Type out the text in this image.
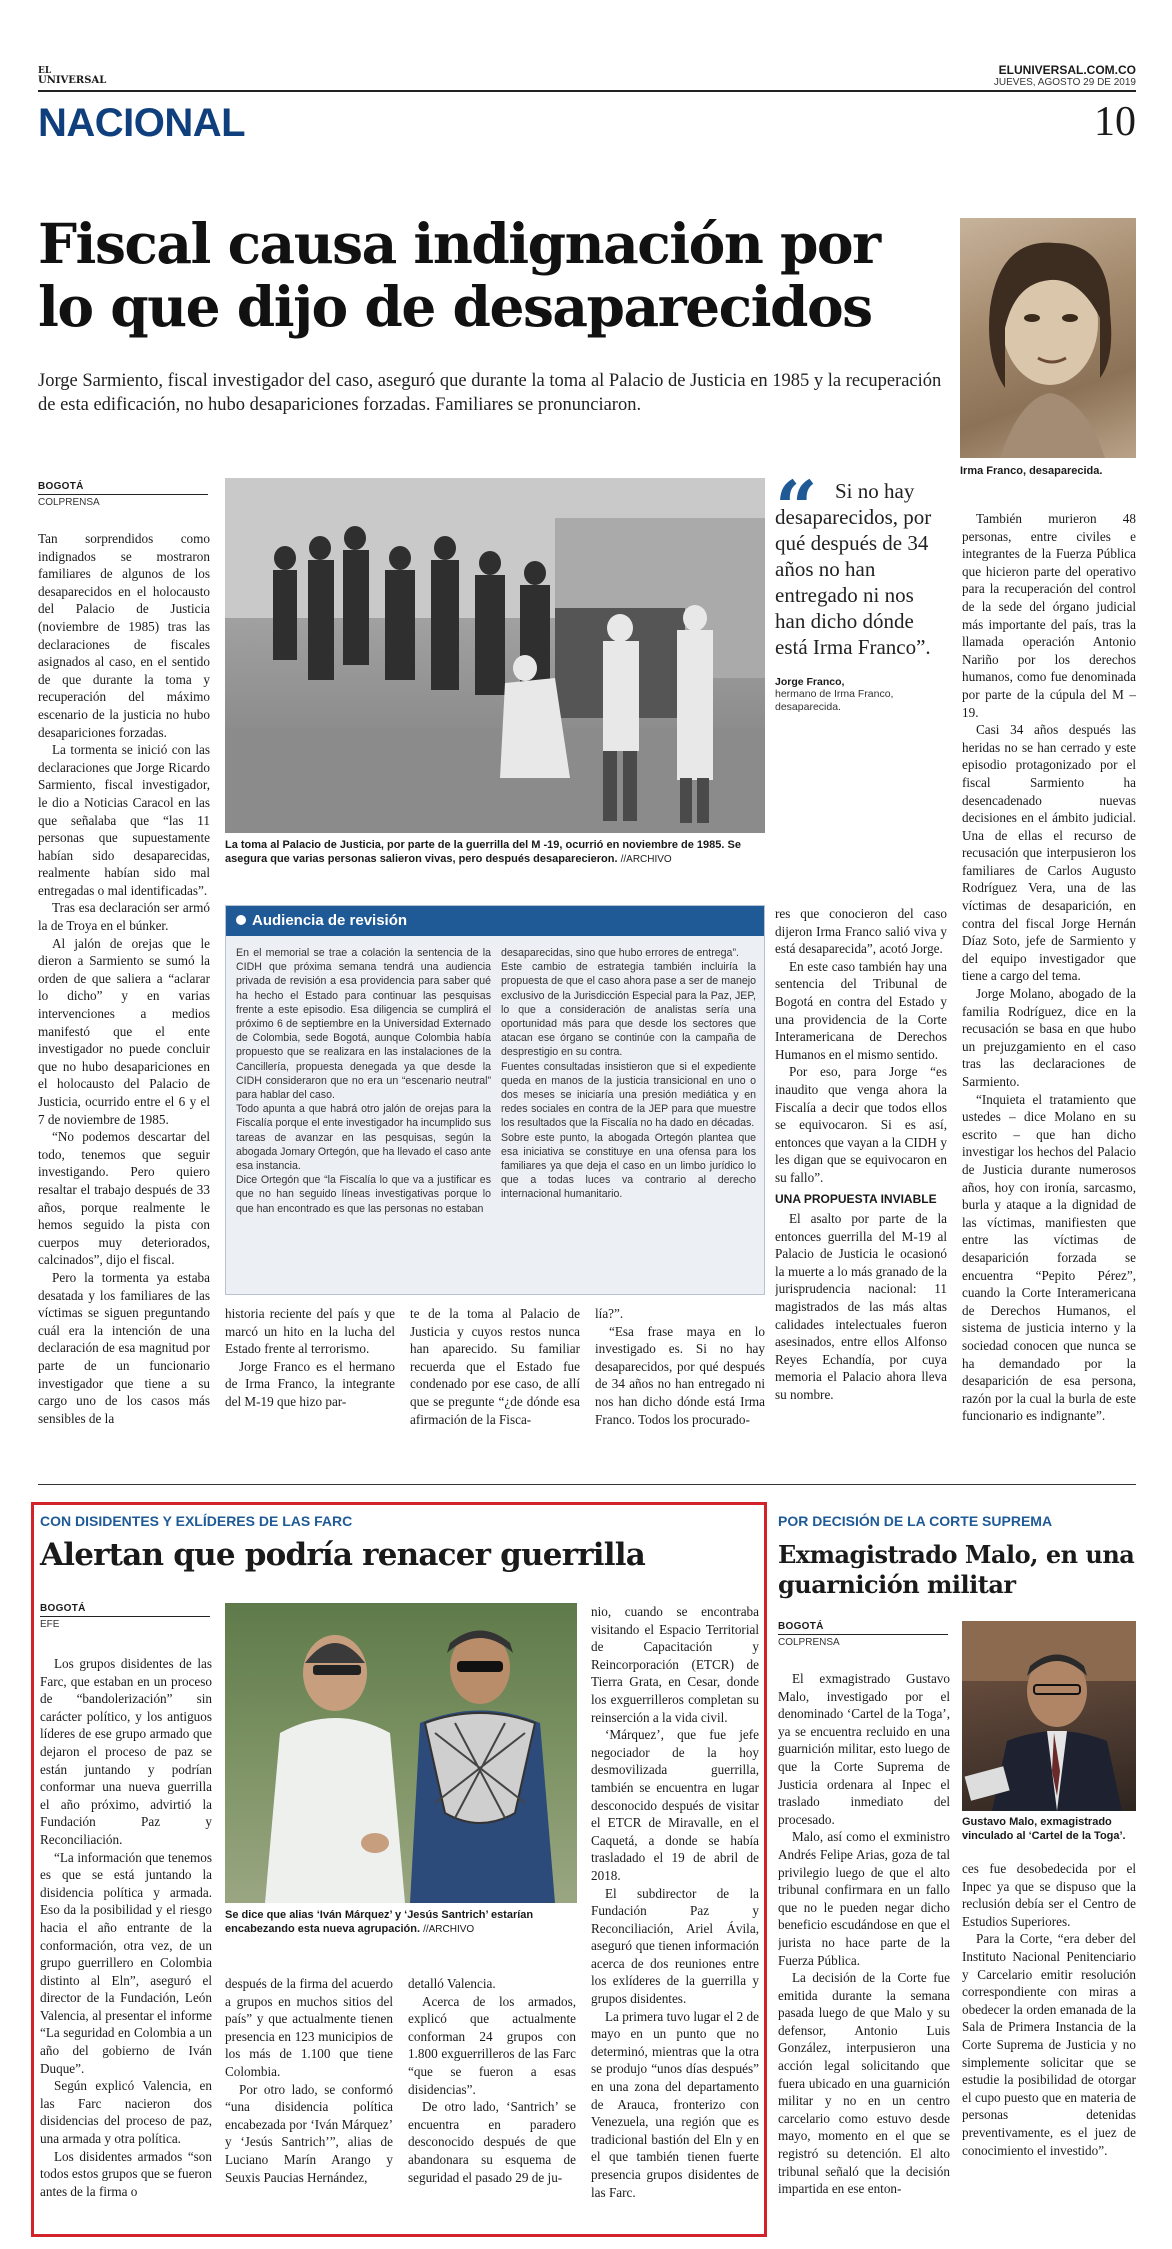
EL
UNIVERSAL
ELUNIVERSAL.COM.CO
JUEVES, AGOSTO 29 DE 2019
NACIONAL	10
Fiscal causa indignación por lo que dijo de desaparecidos
Jorge Sarmiento, fiscal investigador del caso, aseguró que durante la toma al Palacio de Justicia en 1985 y la recuperación de esta edificación, no hubo desapariciones forzadas. Familiares se pronunciaron.
Irma Franco, desaparecida.
BOGOTÁ
COLPRENSA

Tan sorprendidos como indignados se mostraron familiares de algunos de los desaparecidos en el holocausto del Palacio de Justicia (noviembre de 1985) tras las declaraciones de fiscales asignados al caso, en el sentido de que durante la toma y recuperación del máximo escenario de la justicia no hubo desapariciones forzadas.

La tormenta se inició con las declaraciones que Jorge Ricardo Sarmiento, fiscal investigador, le dio a Noticias Caracol en las que señalaba que “las 11 personas que supuestamente habían sido desaparecidas, realmente habían sido mal entregadas o mal identificadas”.

Tras esa declaración ser armó la de Troya en el búnker.

Al jalón de orejas que le dieron a Sarmiento se sumó la orden de que saliera a “aclarar lo dicho” y en varias intervenciones a medios manifestó que el ente investigador no puede concluir que no hubo desapariciones en el holocausto del Palacio de Justicia, ocurrido entre el 6 y el 7 de noviembre de 1985.

“No podemos descartar del todo, tenemos que seguir investigando. Pero quiero resaltar el trabajo después de 33 años, porque realmente le hemos seguido la pista con cuerpos muy deteriorados, calcinados”, dijo el fiscal.

Pero la tormenta ya estaba desatada y los familiares de las víctimas se siguen preguntando cuál era la intención de una declaración de esa magnitud por parte de un funcionario investigador que tiene a su cargo uno de los casos más sensibles de la

La toma al Palacio de Justicia, por parte de la guerrilla del M -19, ocurrió en noviembre de 1985. Se asegura que varias personas salieron vivas, pero después desaparecieron. //ARCHIVO
Audiencia de revisión

En el memorial se trae a colación la sentencia de la CIDH que próxima semana tendrá una audiencia privada de revisión a esa providencia para saber qué ha hecho el Estado para continuar las pesquisas frente a este episodio. Esa diligencia se cumplirá el próximo 6 de septiembre en la Universidad Externado de Colombia, sede Bogotá, aunque Colombia había propuesto que se realizara en las instalaciones de la Cancillería, propuesta denegada ya que desde la CIDH consideraron que no era un “escenario neutral” para hablar del caso.

Todo apunta a que habrá otro jalón de orejas para la Fiscalía porque el ente investigador ha incumplido sus tareas de avanzar en las pesquisas, según la abogada Jomary Ortegón, que ha llevado el caso ante esa instancia.

Dice Ortegón que “la Fiscalía lo que va a justificar es que no han seguido líneas investigativas porque lo que han encontrado es que las personas no estaban

desaparecidas, sino que hubo errores de entrega”.

Este cambio de estrategia también incluiría la propuesta de que el caso ahora pase a ser de manejo exclusivo de la Jurisdicción Especial para la Paz, JEP, lo que a consideración de analistas sería una oportunidad más para que desde los sectores que atacan ese órgano se continúe con la campaña de desprestigio en su contra.

Fuentes consultadas insistieron que si el expediente queda en manos de la justicia transicional en uno o dos meses se iniciaría una presión mediática y en redes sociales en contra de la JEP para que muestre los resultados que la Fiscalía no ha dado en décadas.

Sobre este punto, la abogada Ortegón plantea que esa iniciativa se constituye en una ofensa para los familiares ya que deja el caso en un limbo jurídico lo que a todas luces va contrario al derecho internacional humanitario.

historia reciente del país y que marcó un hito en la lucha del Estado frente al terrorismo.

Jorge Franco es el hermano de Irma Franco, la integrante del M-19 que hizo par-

te de la toma al Palacio de Justicia y cuyos restos nunca han aparecido. Su familiar recuerda que el Estado fue condenado por ese caso, de allí que se pregunte “¿de dónde esa afirmación de la Fisca-

lía?”.

“Esa frase maya en lo investigado es. Si no hay desaparecidos, por qué después de 34 años no han entregado ni nos han dicho dónde está Irma Franco. Todos los procurado-

“ Si no hay desaparecidos, por qué después de 34 años no han entregado ni nos han dicho dónde está Irma Franco”.
Jorge Franco,
hermano de Irma Franco, desaparecida.

res que conocieron del caso dijeron Irma Franco salió viva y está desaparecida”, acotó Jorge.

En este caso también hay una sentencia del Tribunal de Bogotá en contra del Estado y una providencia de la Corte Interamericana de Derechos Humanos en el mismo sentido.

Por eso, para Jorge “es inaudito que venga ahora la Fiscalía a decir que todos ellos se equivocaron. Si es así, entonces que vayan a la CIDH y les digan que se equivocaron en su fallo”.

UNA PROPUESTA INVIABLE

El asalto por parte de la entonces guerrilla del M-19 al Palacio de Justicia le ocasionó la muerte a lo más granado de la jurisprudencia nacional: 11 magistrados de las más altas calidades intelectuales fueron asesinados, entre ellos Alfonso Reyes Echandía, por cuya memoria el Palacio ahora lleva su nombre.

También murieron 48 personas, entre civiles e integrantes de la Fuerza Pública que hicieron parte del operativo para la recuperación del control de la sede del órgano judicial más importante del país, tras la llamada operación Antonio Nariño por los derechos humanos, como fue denominada por parte de la cúpula del M – 19.

Casi 34 años después las heridas no se han cerrado y este episodio protagonizado por el fiscal Sarmiento ha desencadenado nuevas decisiones en el ámbito judicial. Una de ellas el recurso de recusación que interpusieron los familiares de Carlos Augusto Rodríguez Vera, una de las víctimas de desaparición, en contra del fiscal Jorge Hernán Díaz Soto, jefe de Sarmiento y del equipo investigador que tiene a cargo del tema.

Jorge Molano, abogado de la familia Rodríguez, dice en la recusación se basa en que hubo un prejuzgamiento en el caso tras las declaraciones de Sarmiento.

“Inquieta el tratamiento que ustedes – dice Molano en su escrito – que han dicho investigar los hechos del Palacio de Justicia durante numerosos años, hoy con ironía, sarcasmo, burla y ataque a la dignidad de las víctimas, manifiesten que entre las víctimas de desaparición forzada se encuentra “Pepito Pérez”, cuando la Corte Interamericana de Derechos Humanos, el sistema de justicia interno y la sociedad conocen que nunca se ha demandado por la desaparición de esa persona, razón por la cual la burla de este funcionario es indignante”.

CON DISIDENTES Y EXLÍDERES DE LAS FARC
Alertan que podría renacer guerrilla
BOGOTÁ
EFE

Los grupos disidentes de las Farc, que estaban en un proceso de “bandolerización” sin carácter político, y los antiguos líderes de ese grupo armado que dejaron el proceso de paz se están juntando y podrían conformar una nueva guerrilla el año próximo, advirtió la Fundación Paz y Reconciliación.

“La información que tenemos es que se está juntando la disidencia política y armada. Eso da la posibilidad y el riesgo hacia el año entrante de la conformación, otra vez, de un grupo guerrillero en Colombia distinto al Eln”, aseguró el director de la Fundación, León Valencia, al presentar el informe “La seguridad en Colombia a un año del gobierno de Iván Duque”.

Según explicó Valencia, en las Farc nacieron dos disidencias del proceso de paz, una armada y otra política.

Los disidentes armados “son todos estos grupos que se fueron antes de la firma o

Se dice que alias ‘Iván Márquez’ y ‘Jesús Santrich’ estarían encabezando esta nueva agrupación. //ARCHIVO

después de la firma del acuerdo a grupos en muchos sitios del país” y que actualmente tienen presencia en 123 municipios de los más de 1.100 que tiene Colombia.

Por otro lado, se conformó “una disidencia política encabezada por ‘Iván Márquez’ y ‘Jesús Santrich’”, alias de Luciano Marín Arango y Seuxis Paucias Hernández,

detalló Valencia.

Acerca de los armados, explicó que actualmente conforman 24 grupos con 1.800 exguerrilleros de las Farc “que se fueron a esas disidencias”.

De otro lado, ‘Santrich’ se encuentra en paradero desconocido después de que abandonara su esquema de seguridad el pasado 29 de ju-

nio, cuando se encontraba visitando el Espacio Territorial de Capacitación y Reincorporación (ETCR) de Tierra Grata, en Cesar, donde los exguerrilleros completan su reinserción a la vida civil.

‘Márquez’, que fue jefe negociador de la hoy desmovilizada guerrilla, también se encuentra en lugar desconocido después de visitar el ETCR de Miravalle, en el Caquetá, a donde se había trasladado el 19 de abril de 2018.

El subdirector de la Fundación Paz y Reconciliación, Ariel Ávila, aseguró que tienen información acerca de dos reuniones entre los exlíderes de la guerrilla y grupos disidentes.

La primera tuvo lugar el 2 de mayo en un punto que no determinó, mientras que la otra se produjo “unos días después” en una zona del departamento de Arauca, fronterizo con Venezuela, una región que es tradicional bastión del Eln y en el que también tienen fuerte presencia grupos disidentes de las Farc.

POR DECISIÓN DE LA CORTE SUPREMA
Exmagistrado Malo, en una guarnición militar
BOGOTÁ
COLPRENSA
Gustavo Malo, exmagistrado vinculado al ‘Cartel de la Toga’.

El exmagistrado Gustavo Malo, investigado por el denominado ‘Cartel de la Toga’, ya se encuentra recluido en una guarnición militar, esto luego de que la Corte Suprema de Justicia ordenara al Inpec el traslado inmediato del procesado.

Malo, así como el exministro Andrés Felipe Arias, goza de tal privilegio luego de que el alto tribunal confirmara en un fallo que no le pueden negar dicho beneficio escudándose en que el jurista no hace parte de la Fuerza Pública.

La decisión de la Corte fue emitida durante la semana pasada luego de que Malo y su defensor, Antonio Luis González, interpusieron una acción legal solicitando que fuera ubicado en una guarnición militar y no en un centro carcelario como estuvo desde mayo, momento en el que se registró su detención. El alto tribunal señaló que la decisión impartida en ese enton-

ces fue desobedecida por el Inpec ya que se dispuso que la reclusión debía ser el Centro de Estudios Superiores.

Para la Corte, “era deber del Instituto Nacional Penitenciario y Carcelario emitir resolución correspondiente con miras a obedecer la orden emanada de la Sala de Primera Instancia de la Corte Suprema de Justicia y no simplemente solicitar que se estudie la posibilidad de otorgar el cupo puesto que en materia de personas detenidas preventivamente, es el juez de conocimiento el investido”.
